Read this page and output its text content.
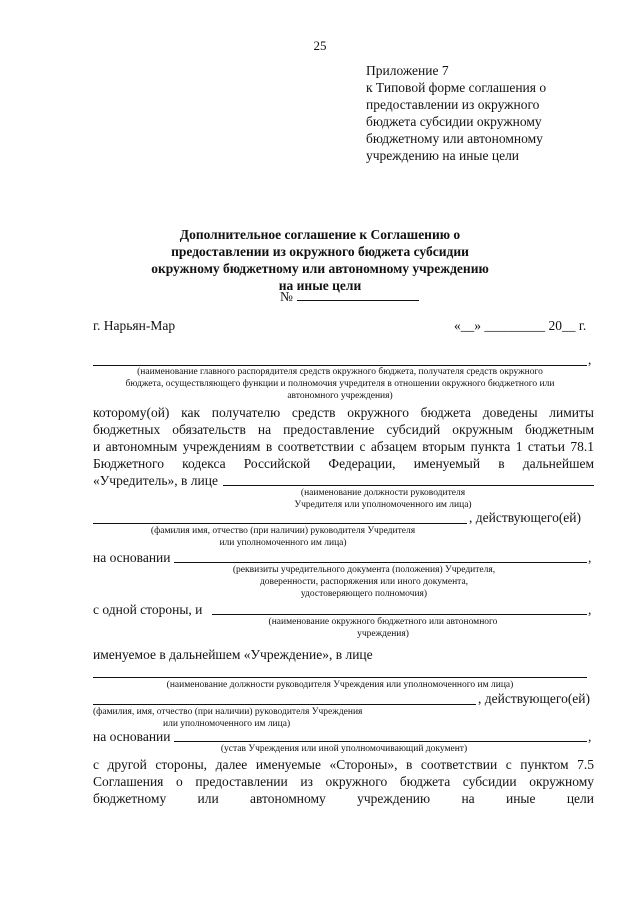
25
Приложение 7
к Типовой форме соглашения о
предоставлении из окружного
бюджета субсидии окружному
бюджетному или автономному
учреждению на иные цели
Дополнительное соглашение к Соглашению о
предоставлении из окружного бюджета субсидии
окружному бюджетному или автономному учреждению
на иные цели
№
г. Нарьян-Мар	«__» _________ 20__ г.
,
(наименование главного распорядителя средств окружного бюджета, получателя средств окружного
бюджета, осуществляющего функции и полномочия учредителя в отношении окружного бюджетного или
автономного учреждения)
которому(ой) как получателю средств окружного бюджета доведены лимиты
бюджетных обязательств на предоставление субсидий окружным бюджетным
и автономным учреждениям в соответствии с абзацем вторым пункта 1 статьи 78.1
Бюджетного кодекса Российской Федерации, именуемый в дальнейшем
«Учредитель», в лице
(наименование должности руководителя
Учредителя или уполномоченного им лица)
, действующего(ей)
(фамилия имя, отчество (при наличии) руководителя Учредителя
или уполномоченного им лица)
на основании	,
(реквизиты учредительного документа (положения) Учредителя,
доверенности, распоряжения или иного документа,
удостоверяющего полномочия)
с одной стороны, и	,
(наименование окружного бюджетного или автономного
учреждения)
именуемое в дальнейшем «Учреждение», в лице
(наименование должности руководителя Учреждения или уполномоченного им лица)
, действующего(ей)
(фамилия, имя, отчество (при наличии) руководителя Учреждения
или уполномоченного им лица)
на основании	,
(устав Учреждения или иной уполномочивающий документ)
с другой стороны, далее именуемые «Стороны», в соответствии с пунктом 7.5
Соглашения о предоставлении из окружного бюджета субсидии окружному
бюджетному или автономному учреждению на иные цели
